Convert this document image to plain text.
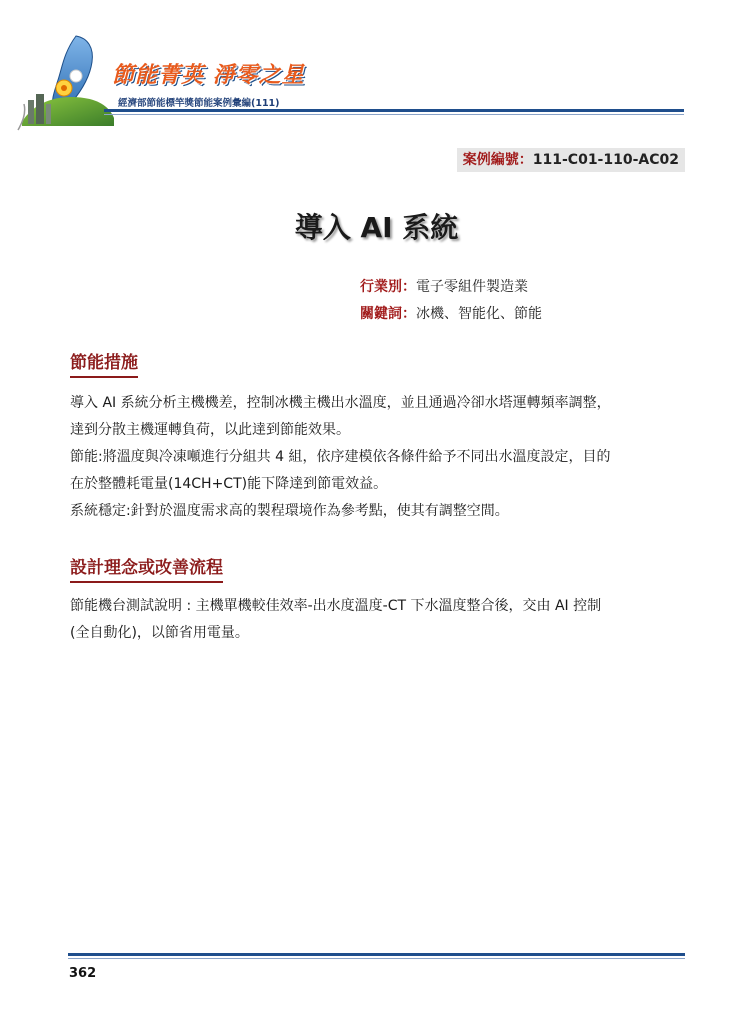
節能菁英 淨零之星
經濟部節能標竿獎節能案例彙編(111)
案例編號：111-C01-110-AC02
導入 AI 系統
行業別：電子零組件製造業
關鍵詞：冰機、智能化、節能
節能措施

導入 AI 系統分析主機機差，控制冰機主機出水溫度，並且通過冷卻水塔運轉頻率調整，

達到分散主機運轉負荷，以此達到節能效果。

節能:將溫度與冷凍噸進行分組共 4 組，依序建模依各條件給予不同出水溫度設定，目的

在於整體耗電量(14CH+CT)能下降達到節電效益。

系統穩定:針對於溫度需求高的製程環境作為參考點，使其有調整空間。

設計理念或改善流程

節能機台測試說明 : 主機單機較佳效率-出水度溫度-CT 下水溫度整合後，交由 AI 控制

(全自動化)，以節省用電量。

362
